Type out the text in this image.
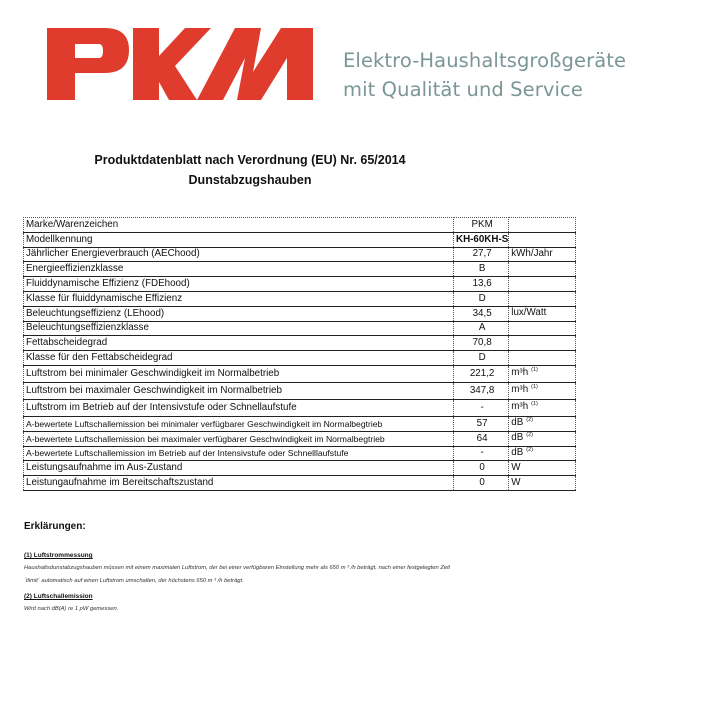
Elektro-Haushaltsgroßgeräte
mit Qualität und Service
Produktdatenblatt nach Verordnung (EU) Nr. 65/2014
Dunstabzugshauben
Marke/Warenzeichen	PKM	
Modellkennung	KH-60KH-S	
Jährlicher Energieverbrauch (AEChood)	27,7	kWh/Jahr
Energieeffizienzklasse	B	
Fluiddynamische Effizienz (FDEhood)	13,6	
Klasse für fluiddynamische Effizienz	D	
Beleuchtungseffizienz (LEhood)	34,5	lux/Watt
Beleuchtungseffizienzklasse	A	
Fettabscheidegrad	70,8	
Klasse für den Fettabscheidegrad	D	
Luftstrom bei minimaler Geschwindigkeit im Normalbetrieb	221,2	m³h $^{(1)}$
Luftstrom bei maximaler Geschwindigkeit im Normalbetrieb	347,8	m³h $^{(1)}$
Luftstrom im Betrieb auf der Intensivstufe oder Schnellaufstufe	-	m³h $^{(1)}$
A-bewertete Luftschallemission bei minimaler verfügbarer Geschwindigkeit im Normalbegtrieb	57	dB $^{(2)}$
A-bewertete Luftschallemission bei maximaler verfügbarer Geschwindigkeit im Normalbegtrieb	64	dB $^{(2)}$
A-bewertete Luftschallemission im Betrieb auf der Intensivstufe oder Schnelllaufstufe	-	dB $^{(2)}$
Leistungsaufnahme im Aus-Zustand	0	W
Leistungaufnahme im Bereitschaftszustand	0	W
Erklärungen:
(1) Luftstrommessung
Haushaltsdunstabzugshauben müssen mit einem maximalen Luftstrom, der bei einer verfügbaren Einstellung mehr als 650 m ³ /h beträgt, nach einer festgelegten Zeit
´tlimit´ automatisch auf einen Luftstrom umschalten, der höchstens 650 m ³ /h beträgt.
(2) Luftschallemission
Wird nach dB(A) re 1 pW gemessen.
